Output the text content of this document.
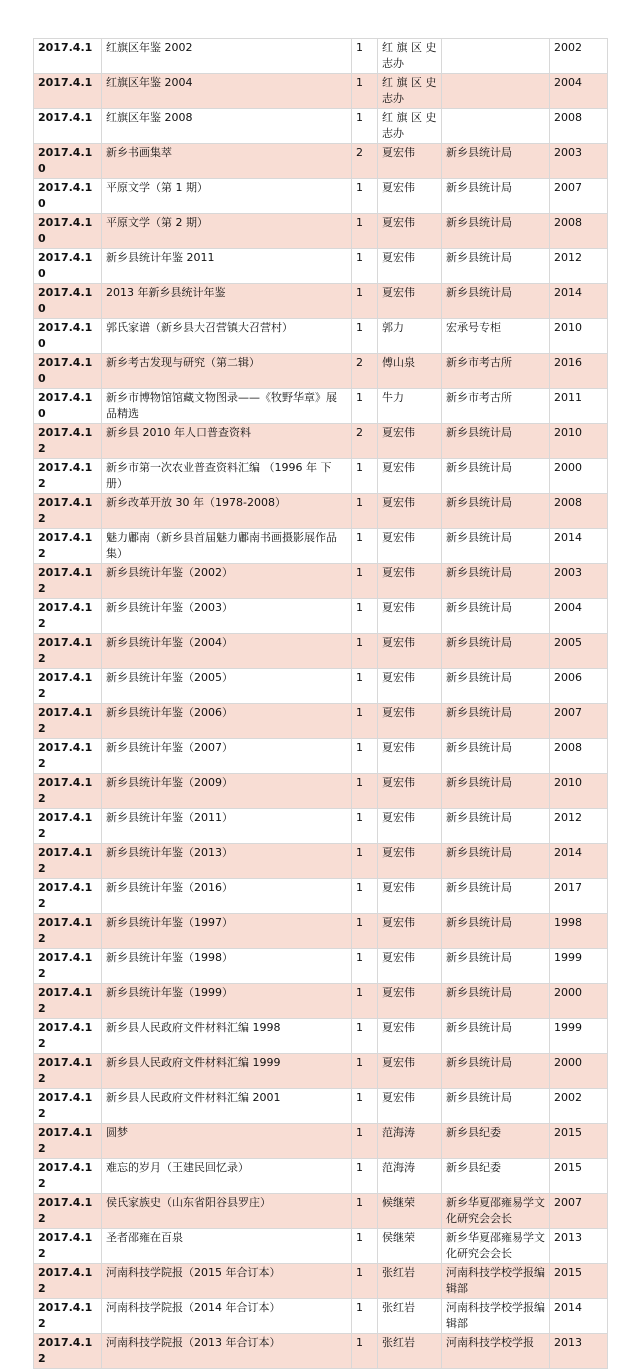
2017.4.1	红旗区年鉴 2002	1	红 旗 区 史 志办		2002
2017.4.1	红旗区年鉴 2004	1	红 旗 区 史 志办		2004
2017.4.1	红旗区年鉴 2008	1	红 旗 区 史 志办		2008
2017.4.10	新乡书画集萃	2	夏宏伟	新乡县统计局	2003
2017.4.10	平原文学（第 1 期）	1	夏宏伟	新乡县统计局	2007
2017.4.10	平原文学（第 2 期）	1	夏宏伟	新乡县统计局	2008
2017.4.10	新乡县统计年鉴 2011	1	夏宏伟	新乡县统计局	2012
2017.4.10	2013 年新乡县统计年鉴	1	夏宏伟	新乡县统计局	2014
2017.4.10	郭氏家谱（新乡县大召营镇大召营村）	1	郭力	宏承号专柜	2010
2017.4.10	新乡考古发现与研究（第二辑）	2	傅山泉	新乡市考古所	2016
2017.4.10	新乡市博物馆馆藏文物图录——《牧野华章》展品精选	1	牛力	新乡市考古所	2011
2017.4.12	新乡县 2010 年人口普查资料	2	夏宏伟	新乡县统计局	2010
2017.4.12	新乡市第一次农业普查资料汇编 （1996 年 下册）	1	夏宏伟	新乡县统计局	2000
2017.4.12	新乡改革开放 30 年（1978-2008）	1	夏宏伟	新乡县统计局	2008
2017.4.12	魅力鄘南（新乡县首届魅力鄘南书画摄影展作品集）	1	夏宏伟	新乡县统计局	2014
2017.4.12	新乡县统计年鉴（2002）	1	夏宏伟	新乡县统计局	2003
2017.4.12	新乡县统计年鉴（2003）	1	夏宏伟	新乡县统计局	2004
2017.4.12	新乡县统计年鉴（2004）	1	夏宏伟	新乡县统计局	2005
2017.4.12	新乡县统计年鉴（2005）	1	夏宏伟	新乡县统计局	2006
2017.4.12	新乡县统计年鉴（2006）	1	夏宏伟	新乡县统计局	2007
2017.4.12	新乡县统计年鉴（2007）	1	夏宏伟	新乡县统计局	2008
2017.4.12	新乡县统计年鉴（2009）	1	夏宏伟	新乡县统计局	2010
2017.4.12	新乡县统计年鉴（2011）	1	夏宏伟	新乡县统计局	2012
2017.4.12	新乡县统计年鉴（2013）	1	夏宏伟	新乡县统计局	2014
2017.4.12	新乡县统计年鉴（2016）	1	夏宏伟	新乡县统计局	2017
2017.4.12	新乡县统计年鉴（1997）	1	夏宏伟	新乡县统计局	1998
2017.4.12	新乡县统计年鉴（1998）	1	夏宏伟	新乡县统计局	1999
2017.4.12	新乡县统计年鉴（1999）	1	夏宏伟	新乡县统计局	2000
2017.4.12	新乡县人民政府文件材料汇编 1998	1	夏宏伟	新乡县统计局	1999
2017.4.12	新乡县人民政府文件材料汇编 1999	1	夏宏伟	新乡县统计局	2000
2017.4.12	新乡县人民政府文件材料汇编 2001	1	夏宏伟	新乡县统计局	2002
2017.4.12	圆梦	1	范海涛	新乡县纪委	2015
2017.4.12	难忘的岁月（王建民回忆录）	1	范海涛	新乡县纪委	2015
2017.4.12	侯氏家族史（山东省阳谷县罗庄）	1	候继荣	新乡华夏邵雍易学文化研究会会长	2007
2017.4.12	圣者邵雍在百泉	1	侯继荣	新乡华夏邵雍易学文化研究会会长	2013
2017.4.12	河南科技学院报（2015 年合订本）	1	张红岩	河南科技学校学报编辑部	2015
2017.4.12	河南科技学院报（2014 年合订本）	1	张红岩	河南科技学校学报编辑部	2014
2017.4.12	河南科技学院报（2013 年合订本）	1	张红岩	河南科技学校学报	2013
